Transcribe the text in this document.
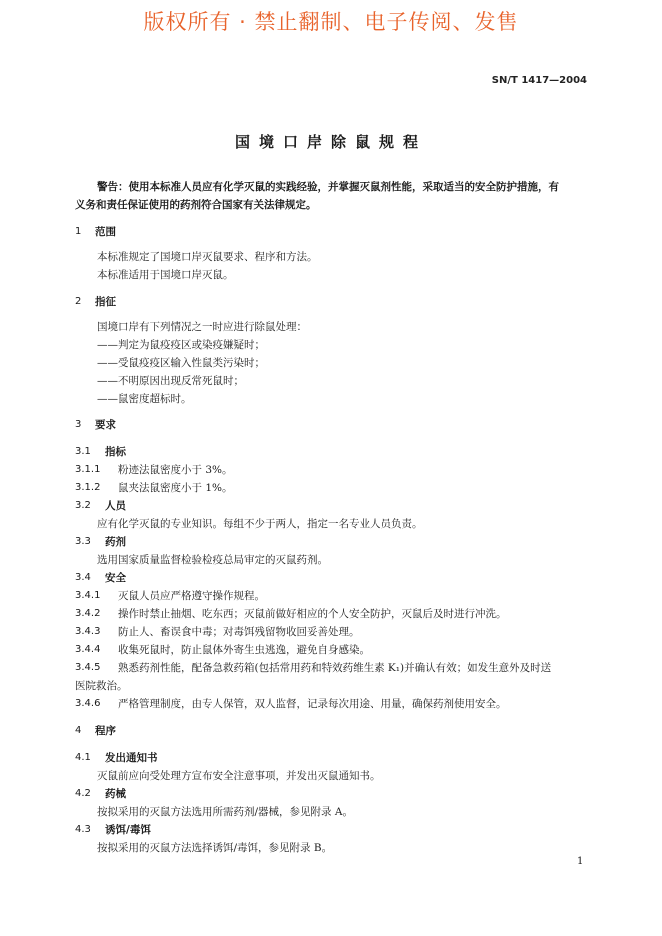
版权所有 · 禁止翻制、电子传阅、发售
SN/T 1417—2004
国境口岸除鼠规程
警告：使用本标准人员应有化学灭鼠的实践经验，并掌握灭鼠剂性能，采取适当的安全防护措施，有
义务和责任保证使用的药剂符合国家有关法律规定。
1 范围
本标准规定了国境口岸灭鼠要求、程序和方法。
本标准适用于国境口岸灭鼠。
2 指征
国境口岸有下列情况之一时应进行除鼠处理：
——判定为鼠疫疫区或染疫嫌疑时；
——受鼠疫疫区输入性鼠类污染时；
——不明原因出现反常死鼠时；
——鼠密度超标时。
3 要求
3.1 指标
3.1.1 粉迹法鼠密度小于 3%。
3.1.2 鼠夹法鼠密度小于 1%。
3.2 人员
应有化学灭鼠的专业知识。每组不少于两人，指定一名专业人员负责。
3.3 药剂
选用国家质量监督检验检疫总局审定的灭鼠药剂。
3.4 安全
3.4.1 灭鼠人员应严格遵守操作规程。
3.4.2 操作时禁止抽烟、吃东西；灭鼠前做好相应的个人安全防护，灭鼠后及时进行冲洗。
3.4.3 防止人、畜误食中毒；对毒饵残留物收回妥善处理。
3.4.4 收集死鼠时，防止鼠体外寄生虫逃逸，避免自身感染。
3.4.5 熟悉药剂性能，配备急救药箱(包括常用药和特效药维生素 K₁)并确认有效；如发生意外及时送
医院救治。
3.4.6 严格管理制度，由专人保管，双人监督，记录每次用途、用量，确保药剂使用安全。
4 程序
4.1 发出通知书
灭鼠前应向受处理方宣布安全注意事项，并发出灭鼠通知书。
4.2 药械
按拟采用的灭鼠方法选用所需药剂/器械，参见附录 A。
4.3 诱饵/毒饵
按拟采用的灭鼠方法选择诱饵/毒饵，参见附录 B。
1
